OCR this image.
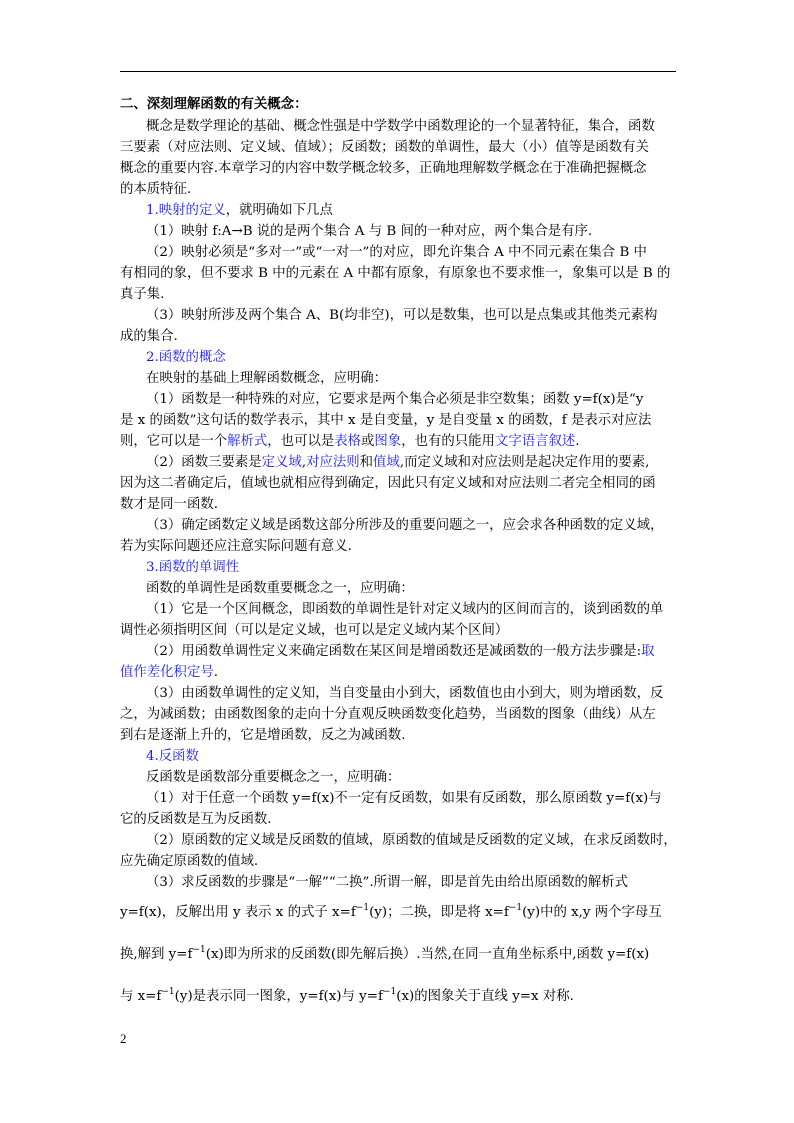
二、深刻理解函数的有关概念：
概念是数学理论的基础、概念性强是中学数学中函数理论的一个显著特征，集合，函数
三要素（对应法则、定义域、值域）；反函数；函数的单调性，最大（小）值等是函数有关
概念的重要内容.本章学习的内容中数学概念较多，正确地理解数学概念在于准确把握概念
的本质特征.
1.映射的定义，就明确如下几点
（1）映射 f:A→B 说的是两个集合 A 与 B 间的一种对应，两个集合是有序.
（2）映射必须是“多对一”或“一对一”的对应，即允许集合 A 中不同元素在集合 B 中
有相同的象，但不要求 B 中的元素在 A 中都有原象，有原象也不要求惟一，象集可以是 B 的
真子集.
（3）映射所涉及两个集合 A、B(均非空)，可以是数集，也可以是点集或其他类元素构
成的集合.
2.函数的概念
在映射的基础上理解函数概念，应明确：
（1）函数是一种特殊的对应，它要求是两个集合必须是非空数集；函数 y=f(x)是“y
是 x 的函数”这句话的数学表示，其中 x 是自变量，y 是自变量 x 的函数，f 是表示对应法
则，它可以是一个解析式，也可以是表格或图象，也有的只能用文字语言叙述.
（2）函数三要素是定义域,对应法则和值域,而定义域和对应法则是起决定作用的要素,
因为这二者确定后，值域也就相应得到确定，因此只有定义域和对应法则二者完全相同的函
数才是同一函数.
（3）确定函数定义域是函数这部分所涉及的重要问题之一，应会求各种函数的定义域，
若为实际问题还应注意实际问题有意义.
3.函数的单调性
函数的单调性是函数重要概念之一，应明确：
（1）它是一个区间概念，即函数的单调性是针对定义域内的区间而言的，谈到函数的单
调性必须指明区间（可以是定义域，也可以是定义域内某个区间）
（2）用函数单调性定义来确定函数在某区间是增函数还是减函数的一般方法步骤是:取
值作差化积定号.
（3）由函数单调性的定义知，当自变量由小到大，函数值也由小到大，则为增函数，反
之，为减函数；由函数图象的走向十分直观反映函数变化趋势，当函数的图象（曲线）从左
到右是逐渐上升的，它是增函数，反之为减函数.
4.反函数
反函数是函数部分重要概念之一，应明确：
（1）对于任意一个函数 y=f(x)不一定有反函数，如果有反函数，那么原函数 y=f(x)与
它的反函数是互为反函数.
（2）原函数的定义域是反函数的值域，原函数的值域是反函数的定义域，在求反函数时，
应先确定原函数的值域.
（3）求反函数的步骤是“一解”“二换”.所谓一解，即是首先由给出原函数的解析式
y=f(x)，反解出用 y 表示 x 的式子 $x=f^{-1}(y)$；二换，即是将 $x=f^{-1}(y)$中的 x,y 两个字母互
换,解到 $y=f^{-1}(x)$即为所求的反函数(即先解后换）.当然,在同一直角坐标系中,函数 y=f(x)
与 $x=f^{-1}(y)$是表示同一图象，y=f(x)与 $y=f^{-1}(x)$的图象关于直线 y=x 对称.
2
